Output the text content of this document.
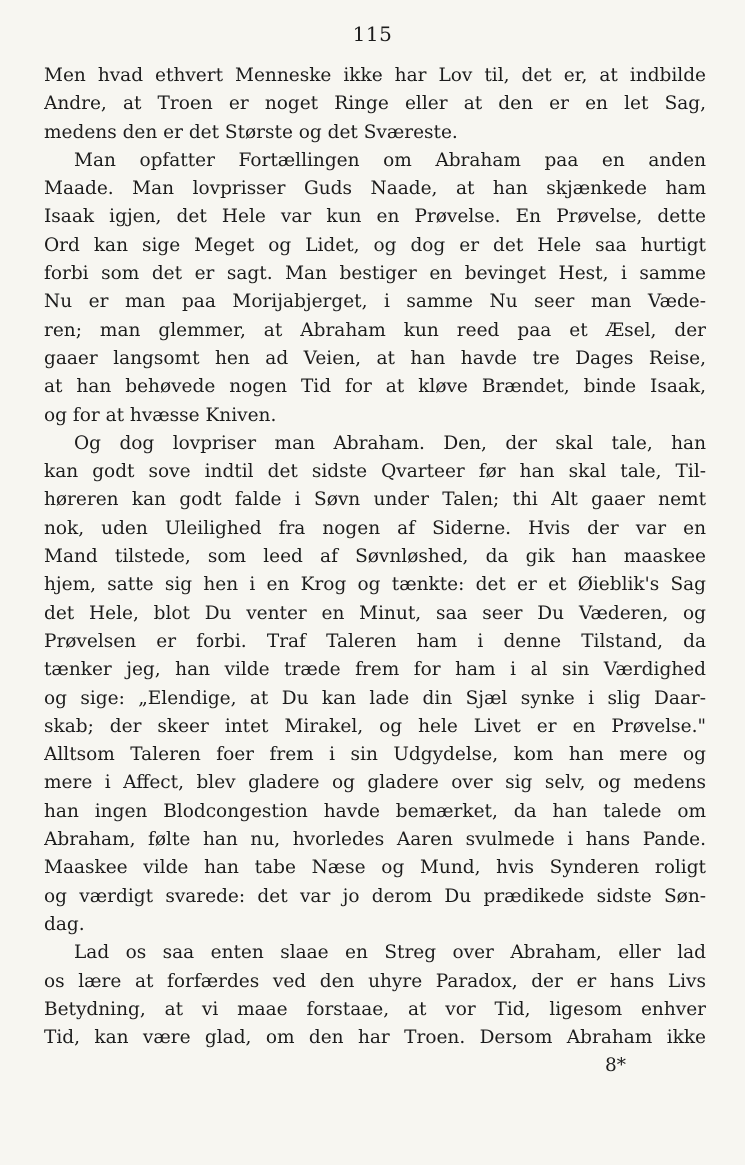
115
Men hvad ethvert Menneske ikke har Lov til, det er, at indbilde
Andre, at Troen er noget Ringe eller at den er en let Sag,
medens den er det Største og det Sværeste.
Man opfatter Fortællingen om Abraham paa en anden
Maade. Man lovprisser Guds Naade, at han skjænkede ham
Isaak igjen, det Hele var kun en Prøvelse. En Prøvelse, dette
Ord kan sige Meget og Lidet, og dog er det Hele saa hurtigt
forbi som det er sagt. Man bestiger en bevinget Hest, i samme
Nu er man paa Morijabjerget, i samme Nu seer man Væde-
ren; man glemmer, at Abraham kun reed paa et Æsel, der
gaaer langsomt hen ad Veien, at han havde tre Dages Reise,
at han behøvede nogen Tid for at kløve Brændet, binde Isaak,
og for at hvæsse Kniven.
Og dog lovpriser man Abraham. Den, der skal tale, han
kan godt sove indtil det sidste Qvarteer før han skal tale, Til-
høreren kan godt falde i Søvn under Talen; thi Alt gaaer nemt
nok, uden Uleilighed fra nogen af Siderne. Hvis der var en
Mand tilstede, som leed af Søvnløshed, da gik han maaskee
hjem, satte sig hen i en Krog og tænkte: det er et Øieblik's Sag
det Hele, blot Du venter en Minut, saa seer Du Væderen, og
Prøvelsen er forbi. Traf Taleren ham i denne Tilstand, da
tænker jeg, han vilde træde frem for ham i al sin Værdighed
og sige: „Elendige, at Du kan lade din Sjæl synke i slig Daar-
skab; der skeer intet Mirakel, og hele Livet er en Prøvelse."
Alltsom Taleren foer frem i sin Udgydelse, kom han mere og
mere i Affect, blev gladere og gladere over sig selv, og medens
han ingen Blodcongestion havde bemærket, da han talede om
Abraham, følte han nu, hvorledes Aaren svulmede i hans Pande.
Maaskee vilde han tabe Næse og Mund, hvis Synderen roligt
og værdigt svarede: det var jo derom Du prædikede sidste Søn-
dag.
Lad os saa enten slaae en Streg over Abraham, eller lad
os lære at forfærdes ved den uhyre Paradox, der er hans Livs
Betydning, at vi maae forstaae, at vor Tid, ligesom enhver
Tid, kan være glad, om den har Troen. Dersom Abraham ikke
8*
